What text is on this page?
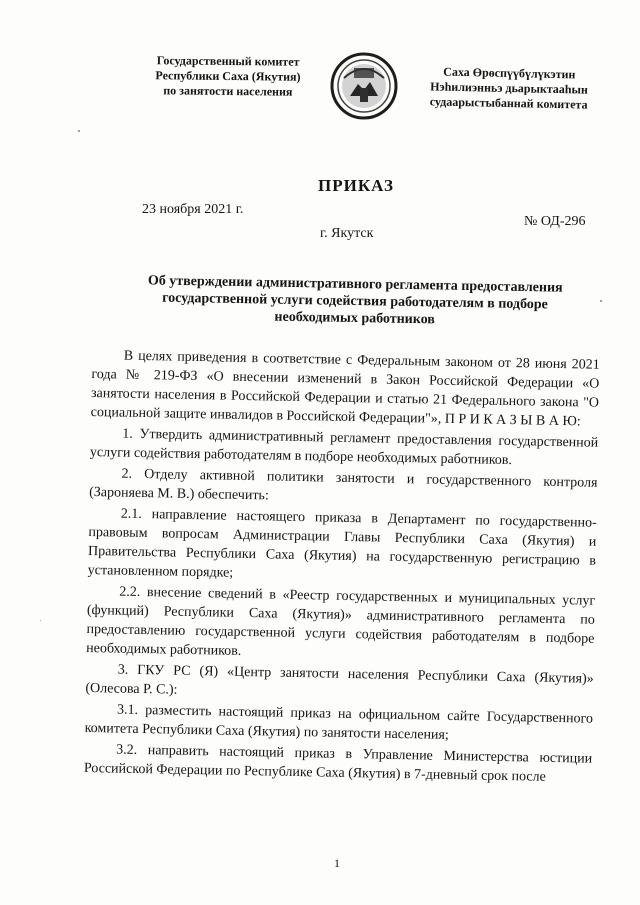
Государственный комитет
Республики Саха (Якутия)
по занятости населения
Саха Өрөспүүбүлүкэтин
Нэһилиэнньэ дьарыктааһын судаарыстыбаннай комитета
ПРИКАЗ
23 ноября 2021 г.
№ ОД-296
г. Якутск
Об утверждении административного регламента предоставления государственной услуги содействия работодателям в подборе необходимых работников

В целях приведения в соответствие с Федеральным законом от 28 июня 2021 года № 219-ФЗ «О внесении изменений в Закон Российской Федерации «О занятости населения в Российской Федерации и статью 21 Федерального закона "О социальной защите инвалидов в Российской Федерации"», П Р И К А З Ы В А Ю:

1. Утвердить административный регламент предоставления государственной услуги содействия работодателям в подборе необходимых работников.

2. Отделу активной политики занятости и государственного контроля (Зароняева М. В.) обеспечить:

2.1. направление настоящего приказа в Департамент по государственно-правовым вопросам Администрации Главы Республики Саха (Якутия) и Правительства Республики Саха (Якутия) на государственную регистрацию в установленном порядке;

2.2. внесение сведений в «Реестр государственных и муниципальных услуг (функций) Республики Саха (Якутия)» административного регламента по предоставлению государственной услуги содействия работодателям в подборе необходимых работников.

3. ГКУ РС (Я) «Центр занятости населения Республики Саха (Якутия)» (Олесова Р. С.):

3.1. разместить настоящий приказ на официальном сайте Государственного комитета Республики Саха (Якутия) по занятости населения;

3.2. направить настоящий приказ в Управление Министерства юстиции Российской Федерации по Республике Саха (Якутия) в 7-дневный срок после

1
